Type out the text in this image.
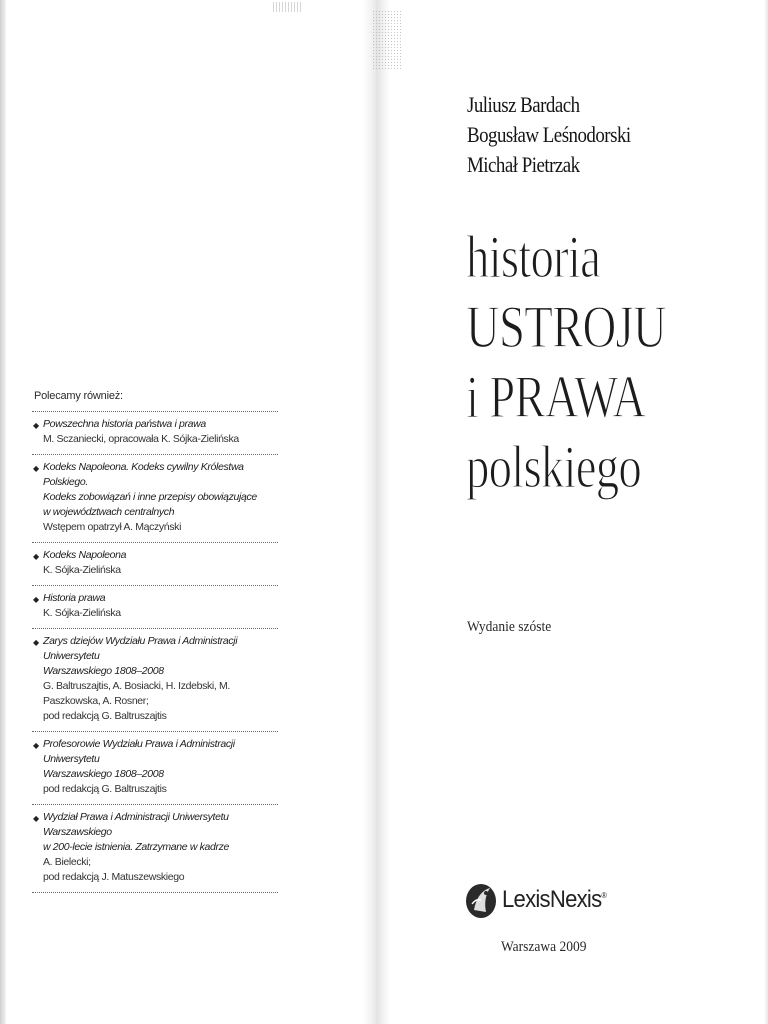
Polecamy również:
◆ Powszechna historia państwa i prawa
M. Sczaniecki, opracowała K. Sójka-Zielińska
◆ Kodeks Napoleona. Kodeks cywilny Królestwa Polskiego.
Kodeks zobowiązań i inne przepisy obowiązujące
w województwach centralnych
Wstępem opatrzył A. Mączyński
◆ Kodeks Napoleona
K. Sójka-Zielińska
◆ Historia prawa
K. Sójka-Zielińska
◆ Zarys dziejów Wydziału Prawa i Administracji Uniwersytetu
Warszawskiego 1808–2008
G. Baltruszajtis, A. Bosiacki, H. Izdebski, M. Paszkowska, A. Rosner;
pod redakcją G. Baltruszajtis
◆ Profesorowie Wydziału Prawa i Administracji Uniwersytetu
Warszawskiego 1808–2008
pod redakcją G. Baltruszajtis
◆ Wydział Prawa i Administracji Uniwersytetu Warszawskiego
w 200-lecie istnienia. Zatrzymane w kadrze
A. Bielecki;
pod redakcją J. Matuszewskiego
Juliusz Bardach
Bogusław Leśnodorski
Michał Pietrzak
historia
USTROJU
i PRAWA
polskiego
Wydanie szóste
LexisNexis®
Warszawa 2009
